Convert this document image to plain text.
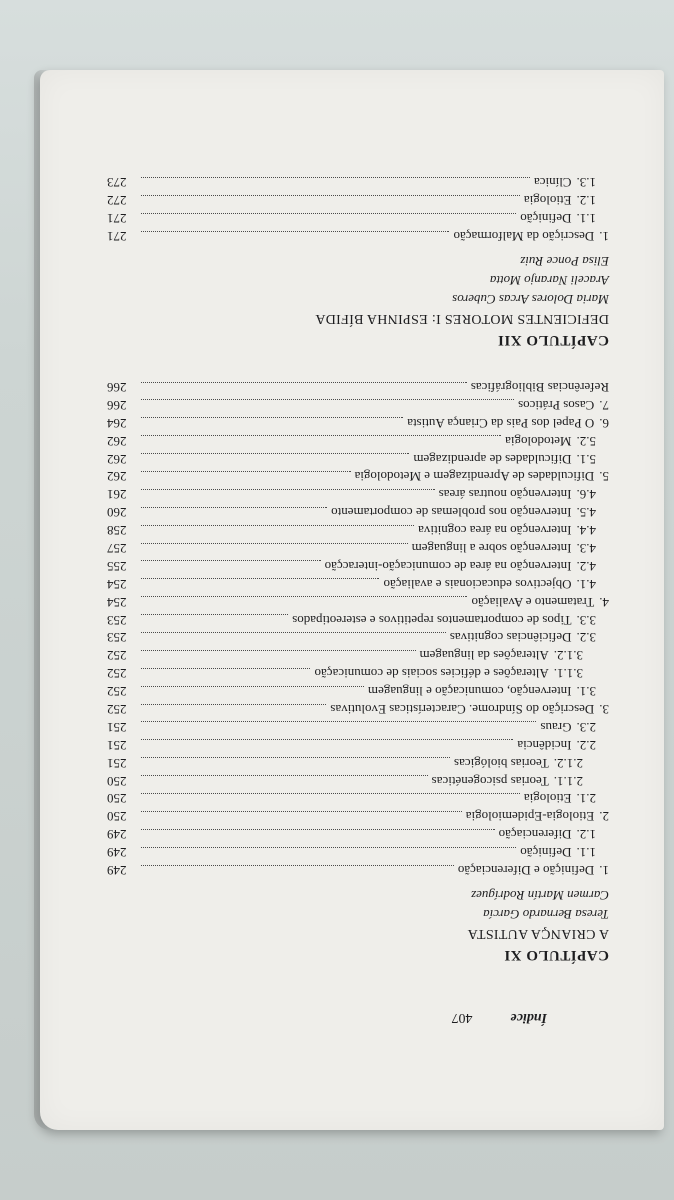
Índice
407
CAPÍTULO XI
A CRIANÇA AUTISTA
Teresa Bernardo García
Carmen Martín Rodríguez
1.
Definição e Diferenciação
249
1.1.
Definição
249
1.2.
Diferenciação
249
2.
Etiologia-Epidemiologia
250
2.1.
Etiologia
250
2.1.1.
Teorias psicogenéticas
250
2.1.2.
Teorias biológicas
251
2.2.
Incidência
251
2.3.
Graus
251
3.
Descrição do Síndrome. Características Evolutivas
252
3.1.
Intervenção, comunicação e linguagem
252
3.1.1.
Alterações e déficies sociais de comunicação
252
3.1.2.
Alterações da linguagem
252
3.2.
Deficiências cognitivas
253
3.3.
Tipos de comportamentos repetitivos e estereotipados
253
4.
Tratamento e Avaliação
254
4.1.
Objectivos educacionais e avaliação
254
4.2.
Intervenção na área de comunicação-interacção
255
4.3.
Intervenção sobre a linguagem
257
4.4.
Intervenção na área cognitiva
258
4.5.
Intervenção nos problemas de comportamento
260
4.6.
Intervenção noutras áreas
261
5.
Dificuldades de Aprendizagem e Metodologia
262
5.1.
Dificuldades de aprendizagem
262
5.2.
Metodologia
262
6.
O Papel dos Pais da Criança Autista
264
7.
Casos Práticos
266
Referências Bibliográficas
266
CAPÍTULO XII
DEFICIENTES MOTORES I: ESPINHA BÍFIDA
Maria Dolores Arcas Cuberos
Araceli Naranjo Motta
Elisa Ponce Ruiz
1.
Descrição da Malformação
271
1.1.
Definição
271
1.2.
Etiologia
272
1.3.
Clínica
273
